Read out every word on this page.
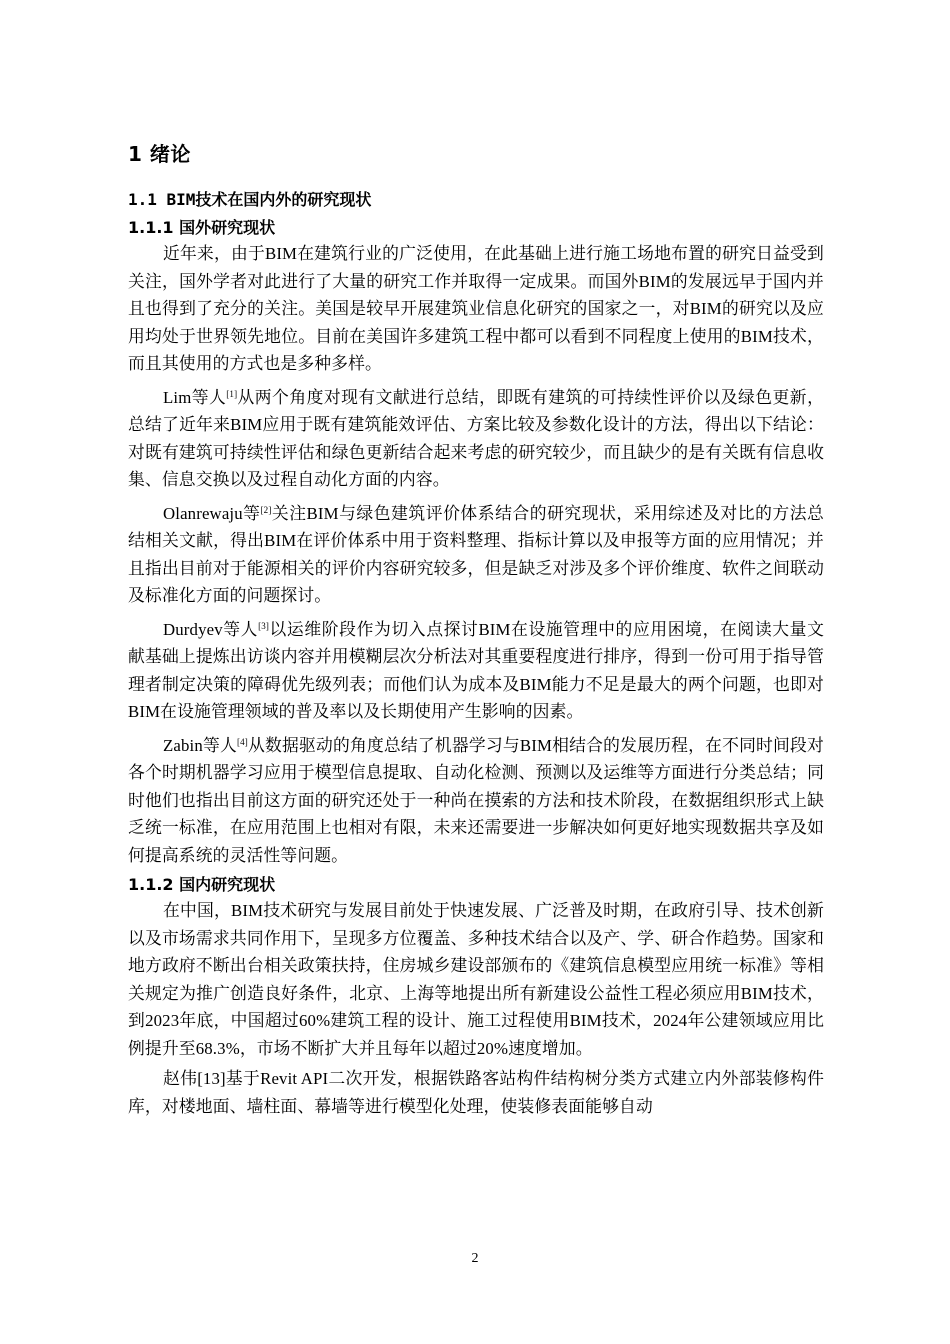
1 绪论
1.1 BIM技术在国内外的研究现状
1.1.1 国外研究现状

近年来，由于BIM在建筑行业的广泛使用，在此基础上进行施工场地布置的研究日益受到关注，国外学者对此进行了大量的研究工作并取得一定成果。而国外BIM的发展远早于国内并且也得到了充分的关注。美国是较早开展建筑业信息化研究的国家之一，对BIM的研究以及应用均处于世界领先地位。目前在美国许多建筑工程中都可以看到不同程度上使用的BIM技术，而且其使用的方式也是多种多样。

Lim等人[1]从两个角度对现有文献进行总结，即既有建筑的可持续性评价以及绿色更新，总结了近年来BIM应用于既有建筑能效评估、方案比较及参数化设计的方法，得出以下结论：对既有建筑可持续性评估和绿色更新结合起来考虑的研究较少，而且缺少的是有关既有信息收集、信息交换以及过程自动化方面的内容。

Olanrewaju等[2]关注BIM与绿色建筑评价体系结合的研究现状，采用综述及对比的方法总结相关文献，得出BIM在评价体系中用于资料整理、指标计算以及申报等方面的应用情况；并且指出目前对于能源相关的评价内容研究较多，但是缺乏对涉及多个评价维度、软件之间联动及标准化方面的问题探讨。

Durdyev等人[3]以运维阶段作为切入点探讨BIM在设施管理中的应用困境，在阅读大量文献基础上提炼出访谈内容并用模糊层次分析法对其重要程度进行排序，得到一份可用于指导管理者制定决策的障碍优先级列表；而他们认为成本及BIM能力不足是最大的两个问题，也即对BIM在设施管理领域的普及率以及长期使用产生影响的因素。

Zabin等人[4]从数据驱动的角度总结了机器学习与BIM相结合的发展历程，在不同时间段对各个时期机器学习应用于模型信息提取、自动化检测、预测以及运维等方面进行分类总结；同时他们也指出目前这方面的研究还处于一种尚在摸索的方法和技术阶段，在数据组织形式上缺乏统一标准，在应用范围上也相对有限，未来还需要进一步解决如何更好地实现数据共享及如何提高系统的灵活性等问题。

1.1.2 国内研究现状

在中国，BIM技术研究与发展目前处于快速发展、广泛普及时期，在政府引导、技术创新以及市场需求共同作用下，呈现多方位覆盖、多种技术结合以及产、学、研合作趋势。国家和地方政府不断出台相关政策扶持，住房城乡建设部颁布的《建筑信息模型应用统一标准》等相关规定为推广创造良好条件，北京、上海等地提出所有新建设公益性工程必须应用BIM技术，到2023年底，中国超过60%建筑工程的设计、施工过程使用BIM技术，2024年公建领域应用比例提升至68.3%，市场不断扩大并且每年以超过20%速度增加。

赵伟[13]基于Revit API二次开发，根据铁路客站构件结构树分类方式建立内外部装修构件库，对楼地面、墙柱面、幕墙等进行模型化处理，使装修表面能够自动

2
